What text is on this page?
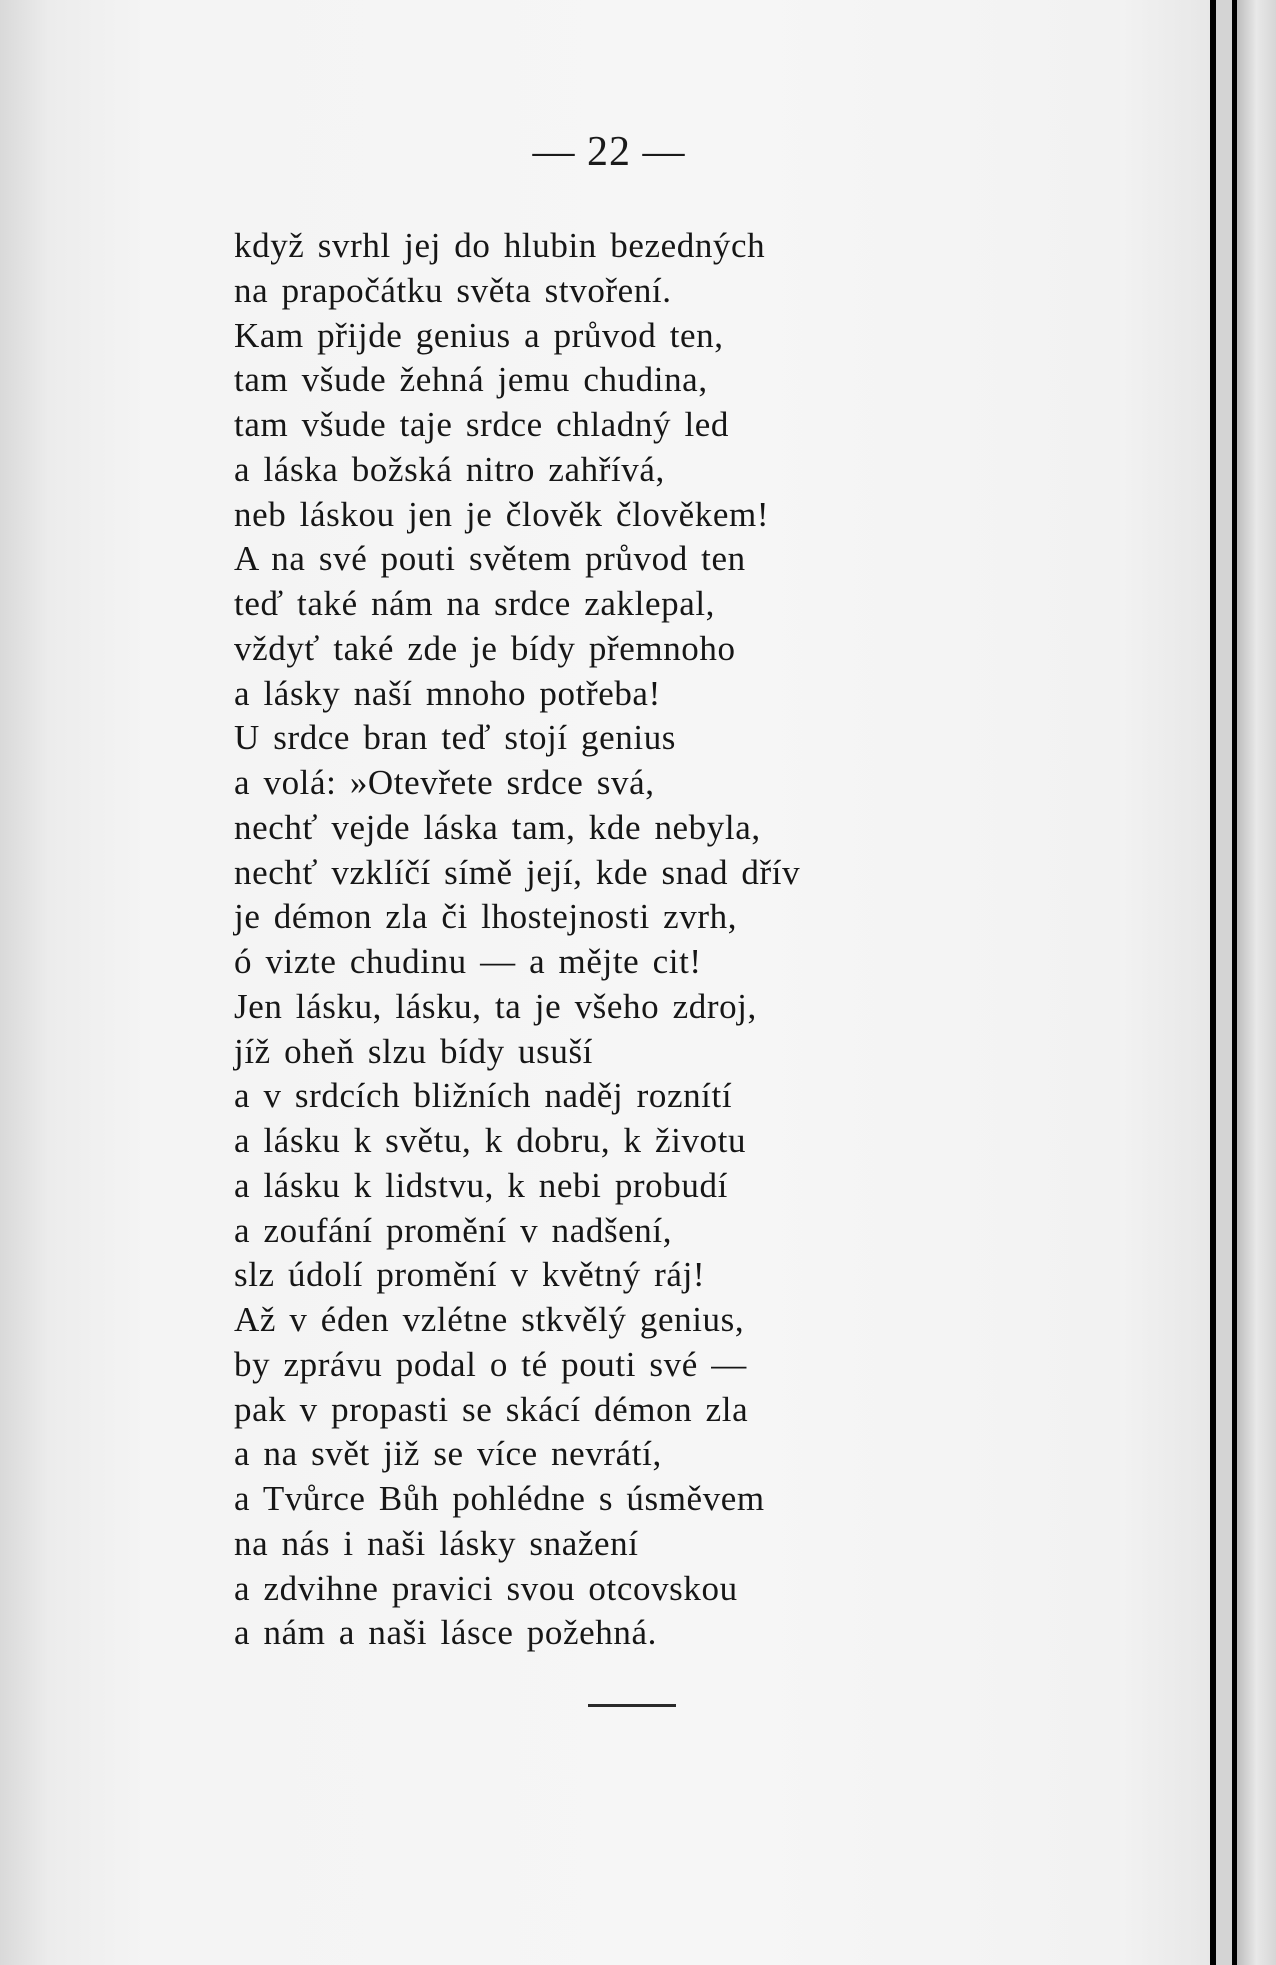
— 22 —
když svrhl jej do hlubin bezedných
na prapočátku světa stvoření.
Kam přijde genius a průvod ten,
tam všude žehná jemu chudina,
tam všude taje srdce chladný led
a láska božská nitro zahřívá,
neb láskou jen je člověk člověkem!
A na své pouti světem průvod ten
teď také nám na srdce zaklepal,
vždyť také zde je bídy přemnoho
a lásky naší mnoho potřeba!
U srdce bran teď stojí genius
a volá: »Otevřete srdce svá,
nechť vejde láska tam, kde nebyla,
nechť vzklíčí símě její, kde snad dřív
je démon zla či lhostejnosti zvrh,
ó vizte chudinu — a mějte cit!
Jen lásku, lásku, ta je všeho zdroj,
jíž oheň slzu bídy usuší
a v srdcích bližních naděj roznítí
a lásku k světu, k dobru, k životu
a lásku k lidstvu, k nebi probudí
a zoufání promění v nadšení,
slz údolí promění v květný ráj!
Až v éden vzlétne stkvělý genius,
by zprávu podal o té pouti své —
pak v propasti se skácí démon zla
a na svět již se více nevrátí,
a Tvůrce Bůh pohlédne s úsměvem
na nás i naši lásky snažení
a zdvihne pravici svou otcovskou
a nám a naši lásce požehná.
